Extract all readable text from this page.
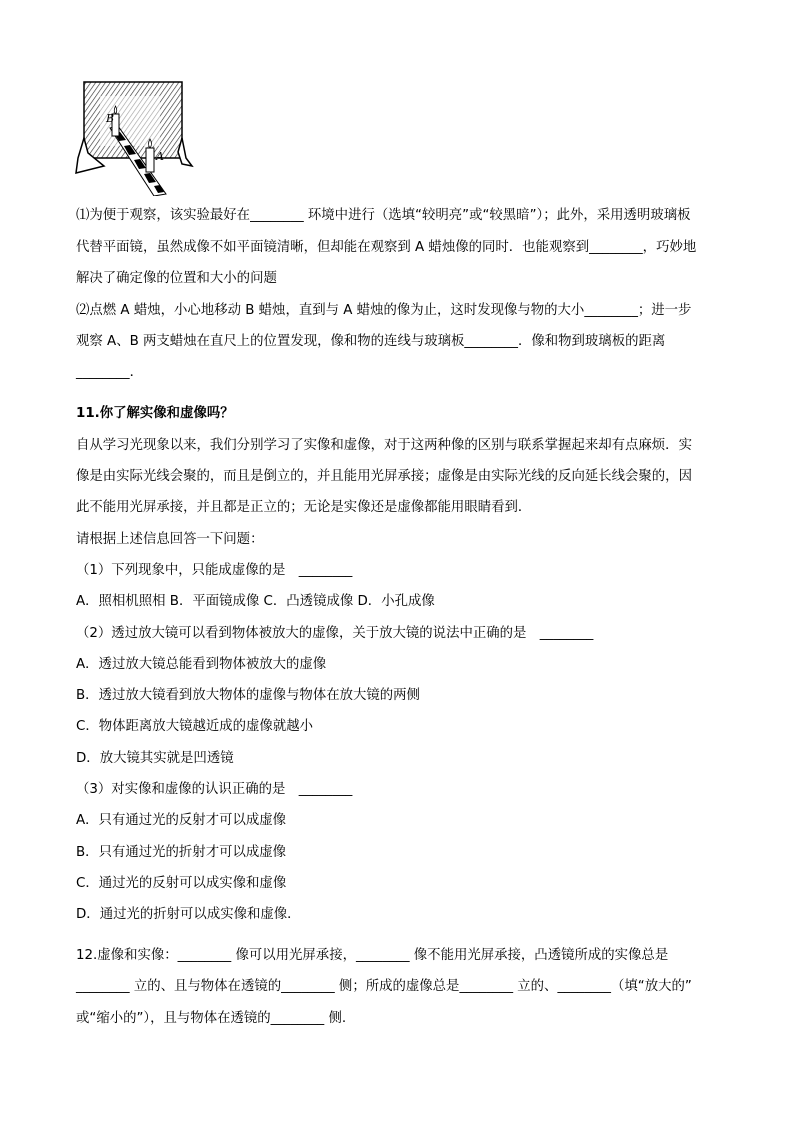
B
A
⑴为便于观察，该实验最好在________ 环境中进行（选填“较明亮”或“较黑暗”）；此外，采用透明玻璃板
代替平面镜，虽然成像不如平面镜清晰，但却能在观察到 A 蜡烛像的同时．也能观察到________，巧妙地
解决了确定像的位置和大小的问题
⑵点燃 A 蜡烛，小心地移动 B 蜡烛，直到与 A 蜡烛的像为止，这时发现像与物的大小________；进一步
观察 A、B 两支蜡烛在直尺上的位置发现，像和物的连线与玻璃板________．像和物到玻璃板的距离
________．
11.你了解实像和虚像吗？
自从学习光现象以来，我们分别学习了实像和虚像，对于这两种像的区别与联系掌握起来却有点麻烦．实
像是由实际光线会聚的，而且是倒立的，并且能用光屏承接；虚像是由实际光线的反向延长线会聚的，因
此不能用光屏承接，并且都是正立的；无论是实像还是虚像都能用眼睛看到．
请根据上述信息回答一下问题：
（1）下列现象中，只能成虚像的是　________
A．照相机照相 B．平面镜成像 C．凸透镜成像 D．小孔成像
（2）透过放大镜可以看到物体被放大的虚像，关于放大镜的说法中正确的是　________
A．透过放大镜总能看到物体被放大的虚像
B．透过放大镜看到放大物体的虚像与物体在放大镜的两侧
C．物体距离放大镜越近成的虚像就越小
D．放大镜其实就是凹透镜
（3）对实像和虚像的认识正确的是　________
A．只有通过光的反射才可以成虚像
B．只有通过光的折射才可以成虚像
C．通过光的反射可以成实像和虚像
D．通过光的折射可以成实像和虚像．
12.虚像和实像：________ 像可以用光屏承接，________ 像不能用光屏承接，凸透镜所成的实像总是
________ 立的、且与物体在透镜的________ 侧；所成的虚像总是________ 立的、________（填“放大的”
或“缩小的”），且与物体在透镜的________ 侧.
